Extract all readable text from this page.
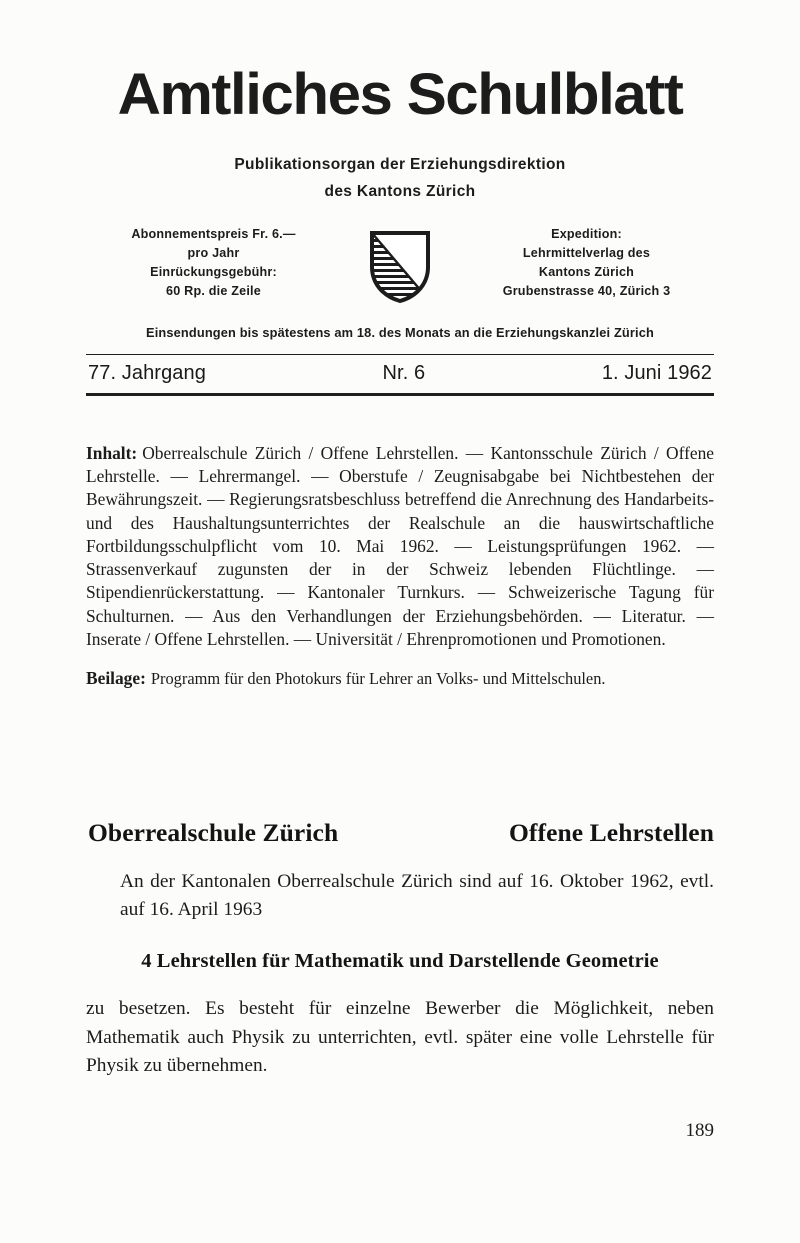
Amtliches Schulblatt
Publikationsorgan der Erziehungsdirektion
des Kantons Zürich
Abonnementspreis Fr. 6.—
pro Jahr
Einrückungsgebühr:
60 Rp. die Zeile
Expedition:
Lehrmittelverlag des
Kantons Zürich
Grubenstrasse 40, Zürich 3
Einsendungen bis spätestens am 18. des Monats an die Erziehungskanzlei Zürich
77. Jahrgang	Nr. 6	1. Juni 1962
Inhalt: Oberrealschule Zürich / Offene Lehrstellen. — Kantonsschule Zürich / Offene Lehrstelle. — Lehrermangel. — Oberstufe / Zeugnisabgabe bei Nichtbestehen der Bewährungszeit. — Regierungsratsbeschluss betreffend die Anrechnung des Handarbeits- und des Haushaltungsunterrichtes der Realschule an die hauswirtschaftliche Fortbildungsschulpflicht vom 10. Mai 1962. — Leistungsprüfungen 1962. — Strassenverkauf zugunsten der in der Schweiz lebenden Flüchtlinge. — Stipendienrückerstattung. — Kantonaler Turnkurs. — Schweizerische Tagung für Schulturnen. — Aus den Verhandlungen der Erziehungsbehörden. — Literatur. — Inserate / Offene Lehrstellen. — Universität / Ehrenpromotionen und Promotionen.
Beilage: Programm für den Photokurs für Lehrer an Volks- und Mittelschulen.
Oberrealschule Zürich	Offene Lehrstellen
An der Kantonalen Oberrealschule Zürich sind auf 16. Oktober 1962, evtl. auf 16. April 1963
4 Lehrstellen für Mathematik und Darstellende Geometrie
zu besetzen. Es besteht für einzelne Bewerber die Möglichkeit, neben Mathematik auch Physik zu unterrichten, evtl. später eine volle Lehrstelle für Physik zu übernehmen.
189
